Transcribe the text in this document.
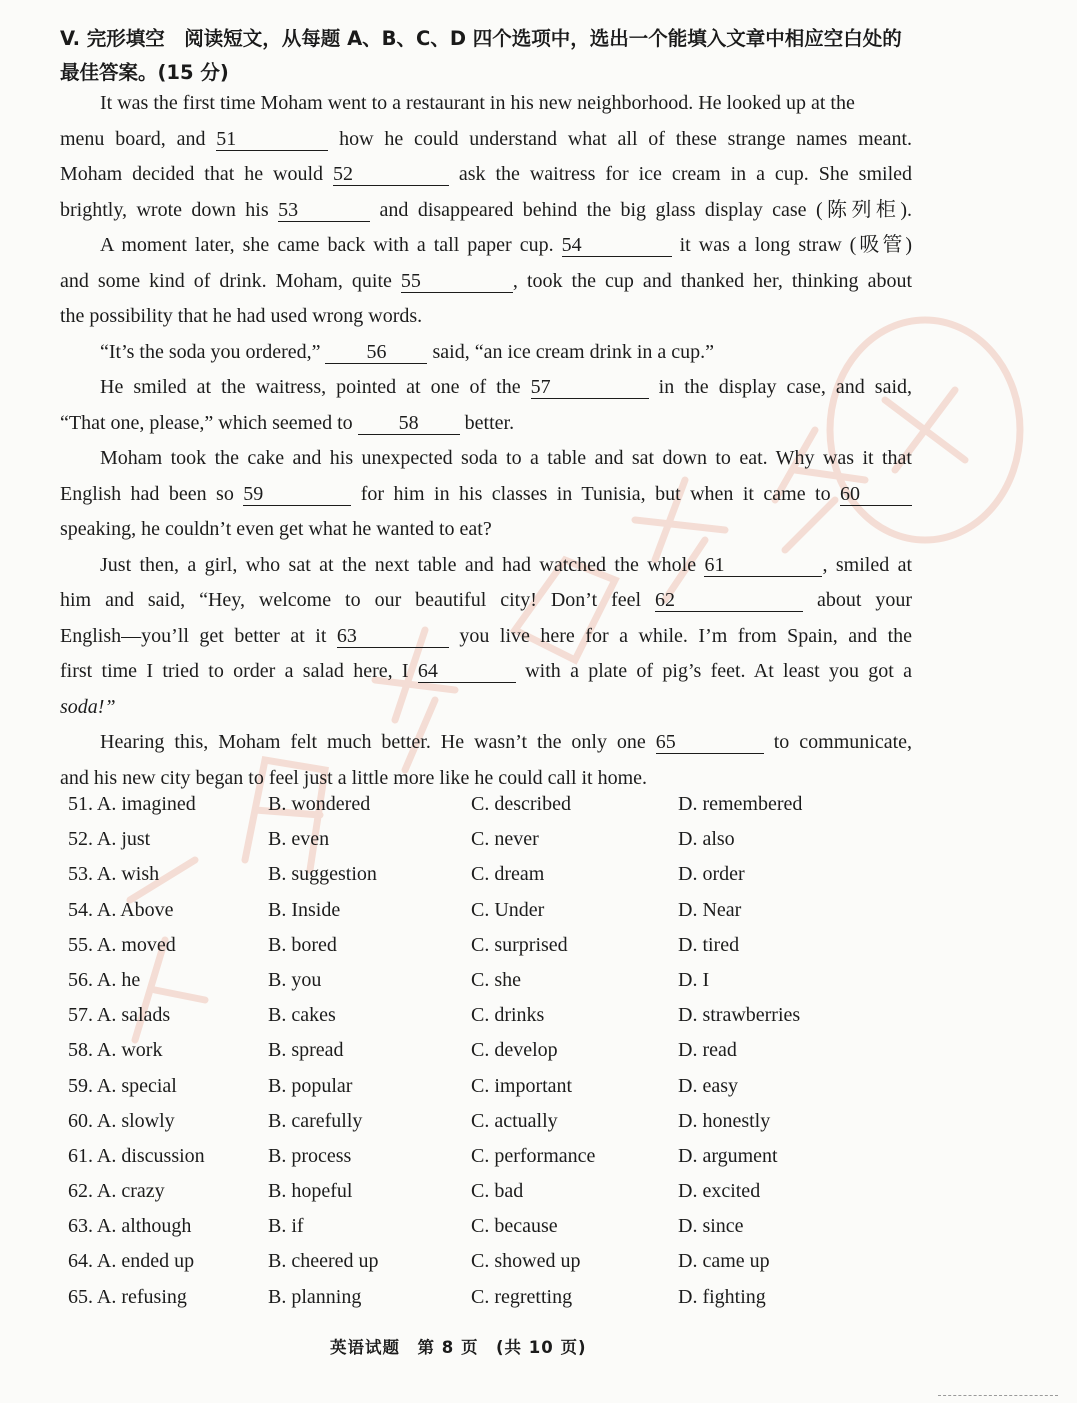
V. 完形填空　阅读短文，从每题 A、B、C、D 四个选项中，选出一个能填入文章中相应空白处的最佳答案。(15 分)
It was the first time Moham went to a restaurant in his new neighborhood. He looked up at the
menu board, and 51	how he could understand what all of these strange names meant.
Moham decided that he would 52	ask the waitress for ice cream in a cup. She smiled
brightly, wrote down his 53	and disappeared behind the big glass display case (陈列柜).
A moment later, she came back with a tall paper cup. 54	it was a long straw (吸管)
and some kind of drink. Moham, quite 55	, took the cup and thanked her, thinking about
the possibility that he had used wrong words.
“It’s the soda you ordered,” 56 said, “an ice cream drink in a cup.”
He smiled at the waitress, pointed at one of the 57	in the display case, and said,
“That one, please,” which seemed to 58 better.
Moham took the cake and his unexpected soda to a table and sat down to eat. Why was it that
English had been so 59	for him in his classes in Tunisia, but when it came to 60
speaking, he couldn’t even get what he wanted to eat?
Just then, a girl, who sat at the next table and had watched the whole 61	, smiled at
him and said, “Hey, welcome to our beautiful city! Don’t feel 62	about your
English—you’ll get better at it 63	you live here for a while. I’m from Spain, and the
first time I tried to order a salad here, I 64	with a plate of pig’s feet. At least you got a
soda!”
Hearing this, Moham felt much better. He wasn’t the only one 65	to communicate,
and his new city began to feel just a little more like he could call it home.
51. A. imagined	B. wondered	C. described	D. remembered
52. A. just	B. even	C. never	D. also
53. A. wish	B. suggestion	C. dream	D. order
54. A. Above	B. Inside	C. Under	D. Near
55. A. moved	B. bored	C. surprised	D. tired
56. A. he	B. you	C. she	D. I
57. A. salads	B. cakes	C. drinks	D. strawberries
58. A. work	B. spread	C. develop	D. read
59. A. special	B. popular	C. important	D. easy
60. A. slowly	B. carefully	C. actually	D. honestly
61. A. discussion	B. process	C. performance	D. argument
62. A. crazy	B. hopeful	C. bad	D. excited
63. A. although	B. if	C. because	D. since
64. A. ended up	B. cheered up	C. showed up	D. came up
65. A. refusing	B. planning	C. regretting	D. fighting
英语试题　第 8 页　(共 10 页)
